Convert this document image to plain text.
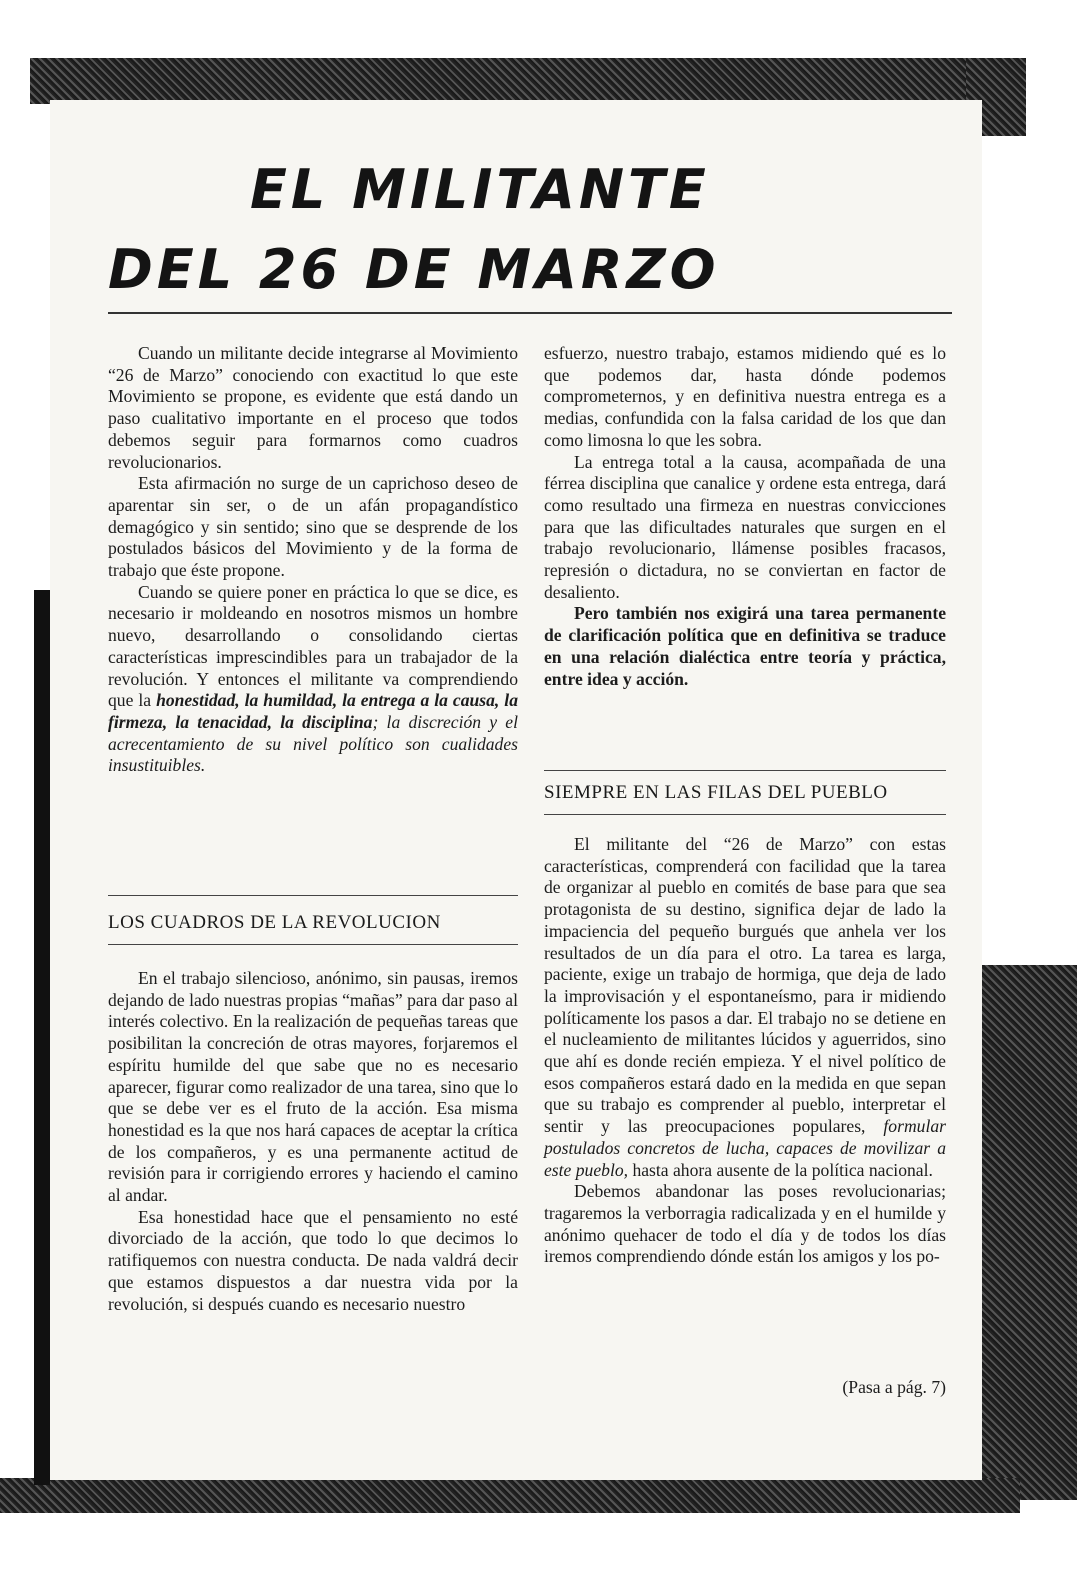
EL MILITANTE
DEL 26 DE MARZO

Cuando un militante decide integrarse al Movimiento “26 de Marzo” conociendo con exactitud lo que este Movimiento se propone, es evidente que está dando un paso cualitativo importante en el proceso que todos debemos seguir para formarnos como cuadros revolucionarios.

Esta afirmación no surge de un caprichoso deseo de aparentar sin ser, o de un afán propagandístico demagógico y sin sentido; sino que se desprende de los postulados básicos del Movimiento y de la forma de trabajo que éste propone.

Cuando se quiere poner en práctica lo que se dice, es necesario ir moldeando en nosotros mismos un hombre nuevo, desarrollando o consolidando ciertas características imprescindibles para un trabajador de la revolución. Y entonces el militante va comprendiendo que la honestidad, la humildad, la entrega a la causa, la firmeza, la tenacidad, la disciplina; la discreción y el acrecentamiento de su nivel político son cualidades insustituibles.

LOS CUADROS DE LA REVOLUCION

En el trabajo silencioso, anónimo, sin pausas, iremos dejando de lado nuestras propias “mañas” para dar paso al interés colectivo. En la realización de pequeñas tareas que posibilitan la concreción de otras mayores, forjaremos el espíritu humilde del que sabe que no es necesario aparecer, figurar como realizador de una tarea, sino que lo que se debe ver es el fruto de la acción. Esa misma honestidad es la que nos hará capaces de aceptar la crítica de los compañeros, y es una permanente actitud de revisión para ir corrigiendo errores y haciendo el camino al andar.

Esa honestidad hace que el pensamiento no esté divorciado de la acción, que todo lo que decimos lo ratifiquemos con nuestra conducta. De nada valdrá decir que estamos dispuestos a dar nuestra vida por la revolución, si después cuando es necesario nuestro

esfuerzo, nuestro trabajo, estamos midiendo qué es lo que podemos dar, hasta dónde podemos comprometernos, y en definitiva nuestra entrega es a medias, confundida con la falsa caridad de los que dan como limosna lo que les sobra.

La entrega total a la causa, acompañada de una férrea disciplina que canalice y ordene esta entrega, dará como resultado una firmeza en nuestras convicciones para que las dificultades naturales que surgen en el trabajo revolucionario, llámense posibles fracasos, represión o dictadura, no se conviertan en factor de desaliento.

Pero también nos exigirá una tarea permanente de clarificación política que en definitiva se traduce en una relación dialéctica entre teoría y práctica, entre idea y acción.

SIEMPRE EN LAS FILAS DEL PUEBLO

El militante del “26 de Marzo” con estas características, comprenderá con facilidad que la tarea de organizar al pueblo en comités de base para que sea protagonista de su destino, significa dejar de lado la impaciencia del pequeño burgués que anhela ver los resultados de un día para el otro. La tarea es larga, paciente, exige un trabajo de hormiga, que deja de lado la improvisación y el espontaneísmo, para ir midiendo políticamente los pasos a dar. El trabajo no se detiene en el nucleamiento de militantes lúcidos y aguerridos, sino que ahí es donde recién empieza. Y el nivel político de esos compañeros estará dado en la medida en que sepan que su trabajo es comprender al pueblo, interpretar el sentir y las preocupaciones populares, formular postulados concretos de lucha, capaces de movilizar a este pueblo, hasta ahora ausente de la política nacional.

Debemos abandonar las poses revolucionarias; tragaremos la verborragia radicalizada y en el humilde y anónimo quehacer de todo el día y de todos los días iremos comprendiendo dónde están los amigos y los po-

(Pasa a pág. 7)
